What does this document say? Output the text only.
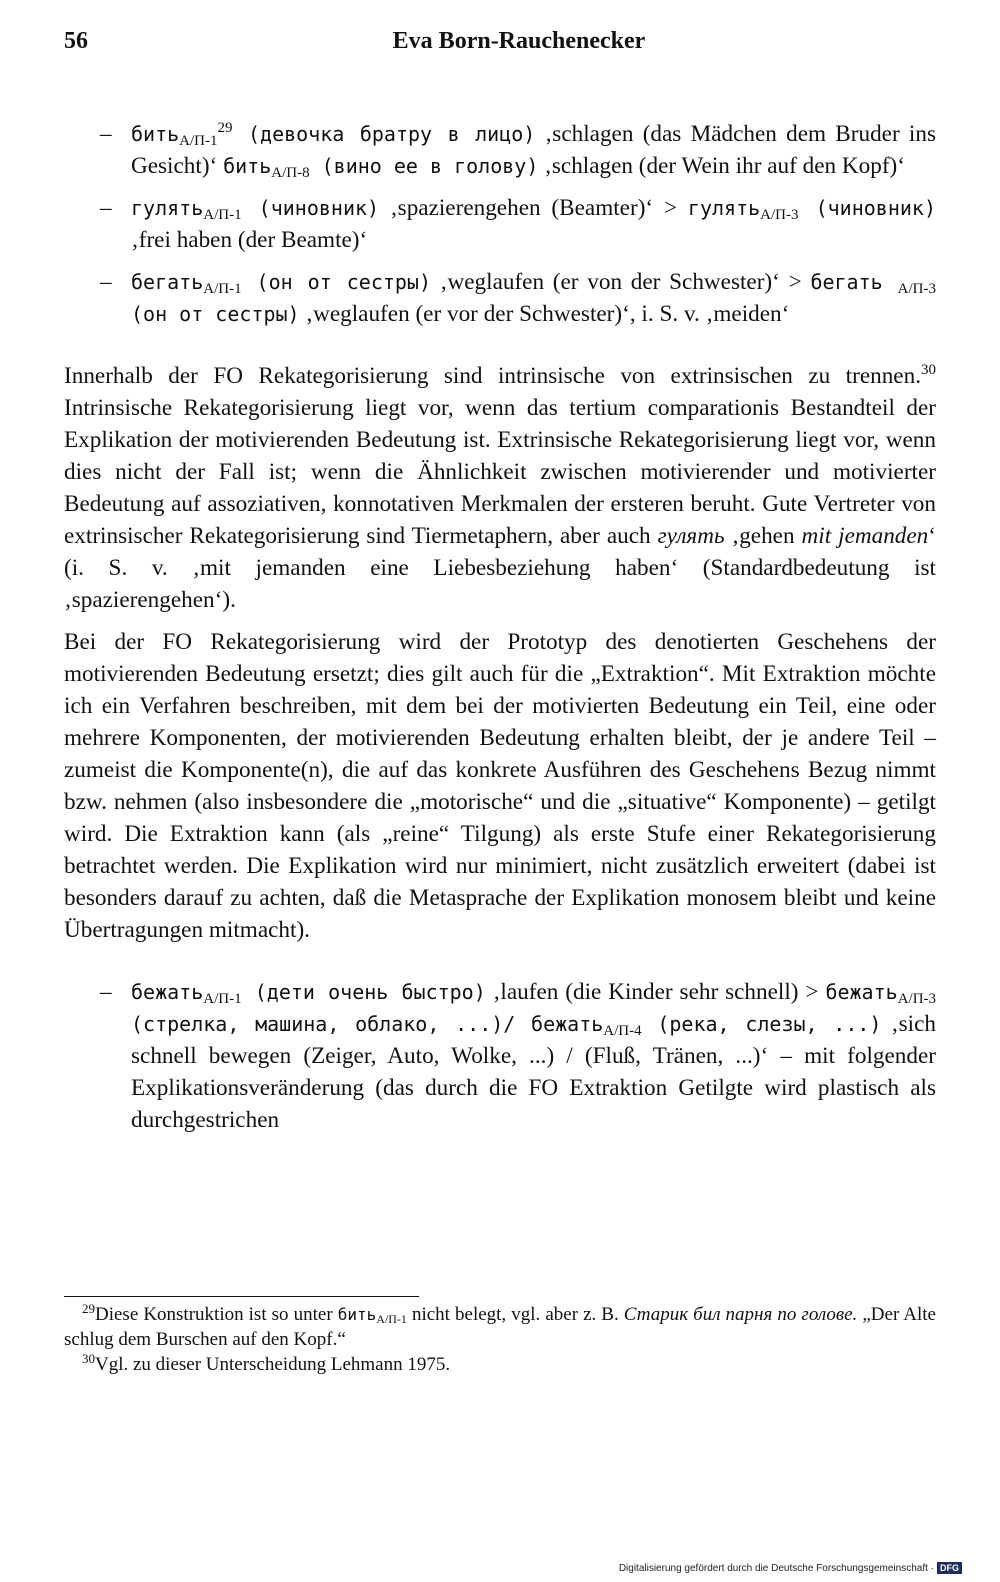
56	Eva Born-Rauchenecker

– бить$_{А/П-1}^{29}$ (девочка братру в лицо) ‚schlagen (das Mädchen dem Bruder ins Gesicht)‘ бить$_{А/П-8}$ (вино ее в голову) ‚schlagen (der Wein ihr auf den Kopf)‘

– гулять$_{А/П-1}$ (чиновник) ‚spazierengehen (Beamter)‘ > гулять$_{А/П-3}$ (чиновник) ‚frei haben (der Beamte)‘

– бегать$_{А/П-1}$ (он от сестры) ‚weglaufen (er von der Schwester)‘ > бегать $_{А/П-3}$ (он от сестры) ‚weglaufen (er vor der Schwester)‘, i. S. v. ‚meiden‘

Innerhalb der FO Rekategorisierung sind intrinsische von extrinsischen zu trennen.$^{30}$ Intrinsische Rekategorisierung liegt vor, wenn das tertium comparationis Bestandteil der Explikation der motivierenden Bedeutung ist. Extrinsische Rekategorisierung liegt vor, wenn dies nicht der Fall ist; wenn die Ähnlichkeit zwischen motivierender und motivierter Bedeutung auf assoziativen, konnotativen Merkmalen der ersteren beruht. Gute Vertreter von extrinsischer Rekategorisierung sind Tiermetaphern, aber auch гулять ‚gehen mit jemanden‘ (i. S. v. ‚mit jemanden eine Liebesbeziehung haben‘ (Standardbedeutung ist ‚spazierengehen‘).

Bei der FO Rekategorisierung wird der Prototyp des denotierten Geschehens der motivierenden Bedeutung ersetzt; dies gilt auch für die „Extraktion“. Mit Extraktion möchte ich ein Verfahren beschreiben, mit dem bei der motivierten Bedeutung ein Teil, eine oder mehrere Komponenten, der motivierenden Bedeutung erhalten bleibt, der je andere Teil – zumeist die Komponente(n), die auf das konkrete Ausführen des Geschehens Bezug nimmt bzw. nehmen (also insbesondere die „motorische“ und die „situative“ Komponente) – getilgt wird. Die Extraktion kann (als „reine“ Tilgung) als erste Stufe einer Rekategorisierung betrachtet werden. Die Explikation wird nur minimiert, nicht zusätzlich erweitert (dabei ist besonders darauf zu achten, daß die Metasprache der Explikation monosem bleibt und keine Übertragungen mitmacht).

– бежать$_{А/П-1}$ (дети очень быстро) ‚laufen (die Kinder sehr schnell) > бежать$_{А/П-3}$ (стрелка, машина, облако, ...)/ бежать$_{А/П-4}$ (река, слезы, ...) ‚sich schnell bewegen (Zeiger, Auto, Wolke, ...) / (Fluß, Tränen, ...)‘ – mit folgender Explikationsveränderung (das durch die FO Extraktion Getilgte wird plastisch als durchgestrichen

$^{29}$Diese Konstruktion ist so unter бить$_{А/П-1}$ nicht belegt, vgl. aber z. B. Старик бил парня по голове. „Der Alte schlug dem Burschen auf den Kopf.“

$^{30}$Vgl. zu dieser Unterscheidung Lehmann 1975.

Digitalisierung gefördert durch die Deutsche Forschungsgemeinschaft · DFG
